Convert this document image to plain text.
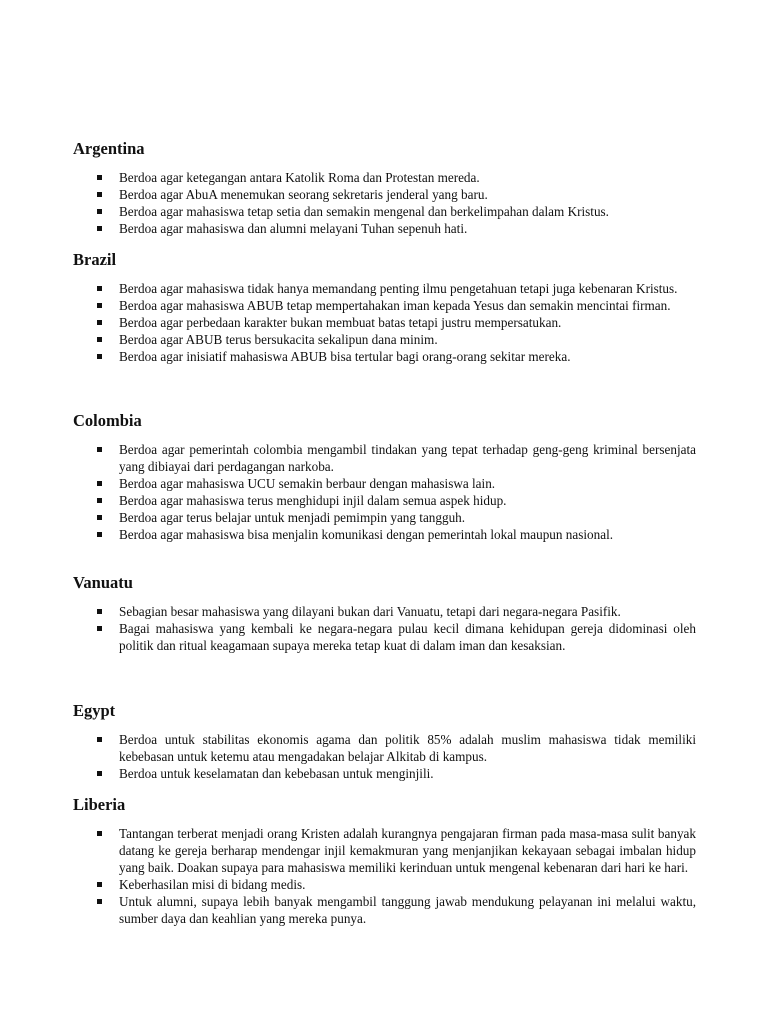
Argentina
Berdoa agar ketegangan antara Katolik Roma dan Protestan mereda.
Berdoa agar AbuA menemukan seorang sekretaris jenderal yang baru.
Berdoa agar mahasiswa tetap setia dan semakin mengenal dan berkelimpahan dalam Kristus.
Berdoa agar mahasiswa dan alumni melayani Tuhan sepenuh hati.
Brazil
Berdoa agar mahasiswa tidak hanya memandang penting ilmu pengetahuan tetapi juga kebenaran Kristus.
Berdoa agar mahasiswa ABUB tetap mempertahakan iman kepada Yesus dan semakin mencintai firman.
Berdoa agar perbedaan karakter bukan membuat batas tetapi justru mempersatukan.
Berdoa agar ABUB terus bersukacita sekalipun dana minim.
Berdoa agar inisiatif mahasiswa ABUB bisa tertular bagi orang-orang sekitar mereka.
Colombia
Berdoa agar pemerintah colombia mengambil tindakan yang tepat terhadap geng-geng kriminal bersenjata yang dibiayai dari perdagangan narkoba.
Berdoa agar mahasiswa UCU semakin berbaur dengan mahasiswa lain.
Berdoa agar mahasiswa terus menghidupi injil dalam semua aspek hidup.
Berdoa agar terus belajar untuk menjadi pemimpin yang tangguh.
Berdoa agar mahasiswa bisa menjalin komunikasi dengan pemerintah lokal maupun nasional.
Vanuatu
Sebagian besar mahasiswa yang dilayani bukan dari Vanuatu, tetapi dari negara-negara Pasifik.
Bagai mahasiswa yang kembali ke negara-negara pulau kecil dimana kehidupan gereja didominasi oleh politik dan ritual keagamaan supaya mereka tetap kuat di dalam iman dan kesaksian.
Egypt
Berdoa untuk stabilitas ekonomis agama dan politik 85% adalah muslim mahasiswa tidak memiliki kebebasan untuk ketemu atau mengadakan belajar Alkitab di kampus.
Berdoa untuk keselamatan dan kebebasan untuk menginjili.
Liberia
Tantangan terberat menjadi orang Kristen adalah kurangnya pengajaran firman pada masa-masa sulit banyak datang ke gereja berharap mendengar injil kemakmuran yang menjanjikan kekayaan sebagai imbalan hidup yang baik. Doakan supaya para mahasiswa memiliki kerinduan untuk mengenal kebenaran dari hari ke hari.
Keberhasilan misi di bidang medis.
Untuk alumni, supaya lebih banyak mengambil tanggung jawab mendukung pelayanan ini melalui waktu, sumber daya dan keahlian yang mereka punya.
